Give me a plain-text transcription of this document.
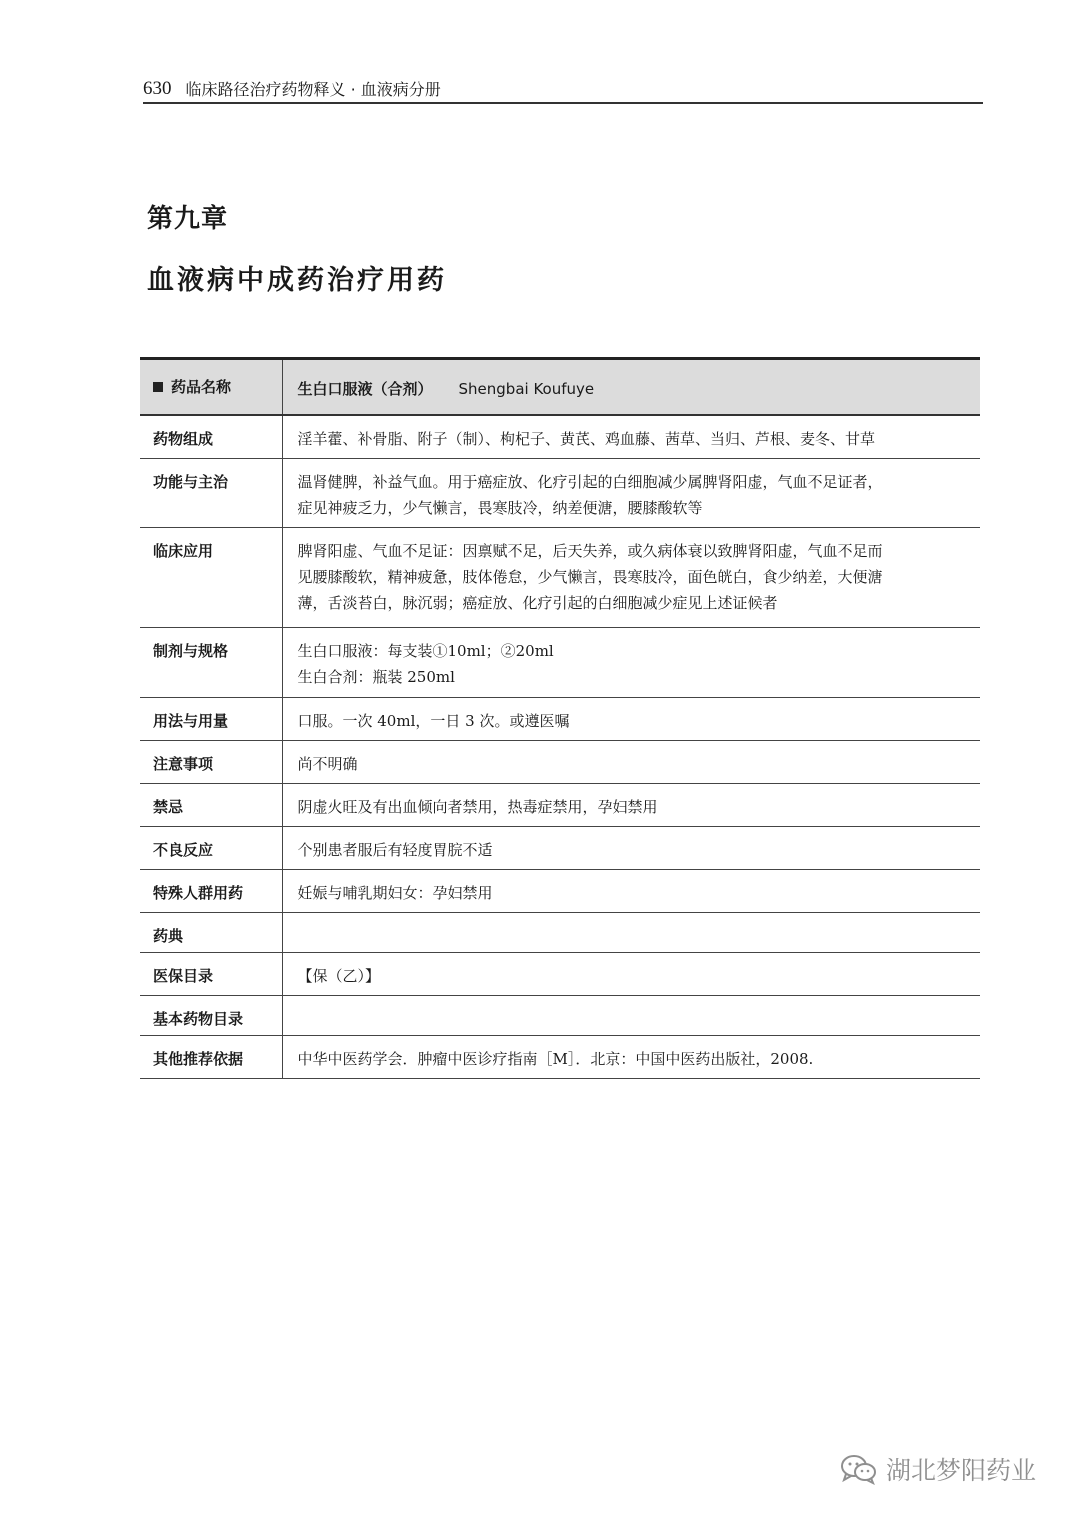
630 临床路径治疗药物释义 · 血液病分册
第九章
血液病中成药治疗用药
药品名称	生白口服液（合剂） Shengbai Koufuye
药物组成	淫羊藿、补骨脂、附子（制）、枸杞子、黄芪、鸡血藤、茜草、当归、芦根、麦冬、甘草

功能与主治	温肾健脾，补益气血。用于癌症放、化疗引起的白细胞减少属脾肾阳虚，气血不足证者，
症见神疲乏力，少气懒言，畏寒肢冷，纳差便溏，腰膝酸软等

临床应用	脾肾阳虚、气血不足证：因禀赋不足，后天失养，或久病体衰以致脾肾阳虚，气血不足而
见腰膝酸软，精神疲惫，肢体倦怠，少气懒言，畏寒肢冷，面色㿠白，食少纳差，大便溏
薄，舌淡苔白，脉沉弱；癌症放、化疗引起的白细胞减少症见上述证候者

制剂与规格	生白口服液：每支装①10ml；②20ml
生白合剂：瓶装 250ml

用法与用量	口服。一次 40ml，一日 3 次。或遵医嘱

注意事项	尚不明确

禁忌	阴虚火旺及有出血倾向者禁用，热毒症禁用，孕妇禁用

不良反应	个别患者服后有轻度胃脘不适

特殊人群用药	妊娠与哺乳期妇女：孕妇禁用

药典	

医保目录	【保（乙）】

基本药物目录	

其他推荐依据	中华中医药学会．肿瘤中医诊疗指南［M］．北京：中国中医药出版社，2008.
湖北梦阳药业
